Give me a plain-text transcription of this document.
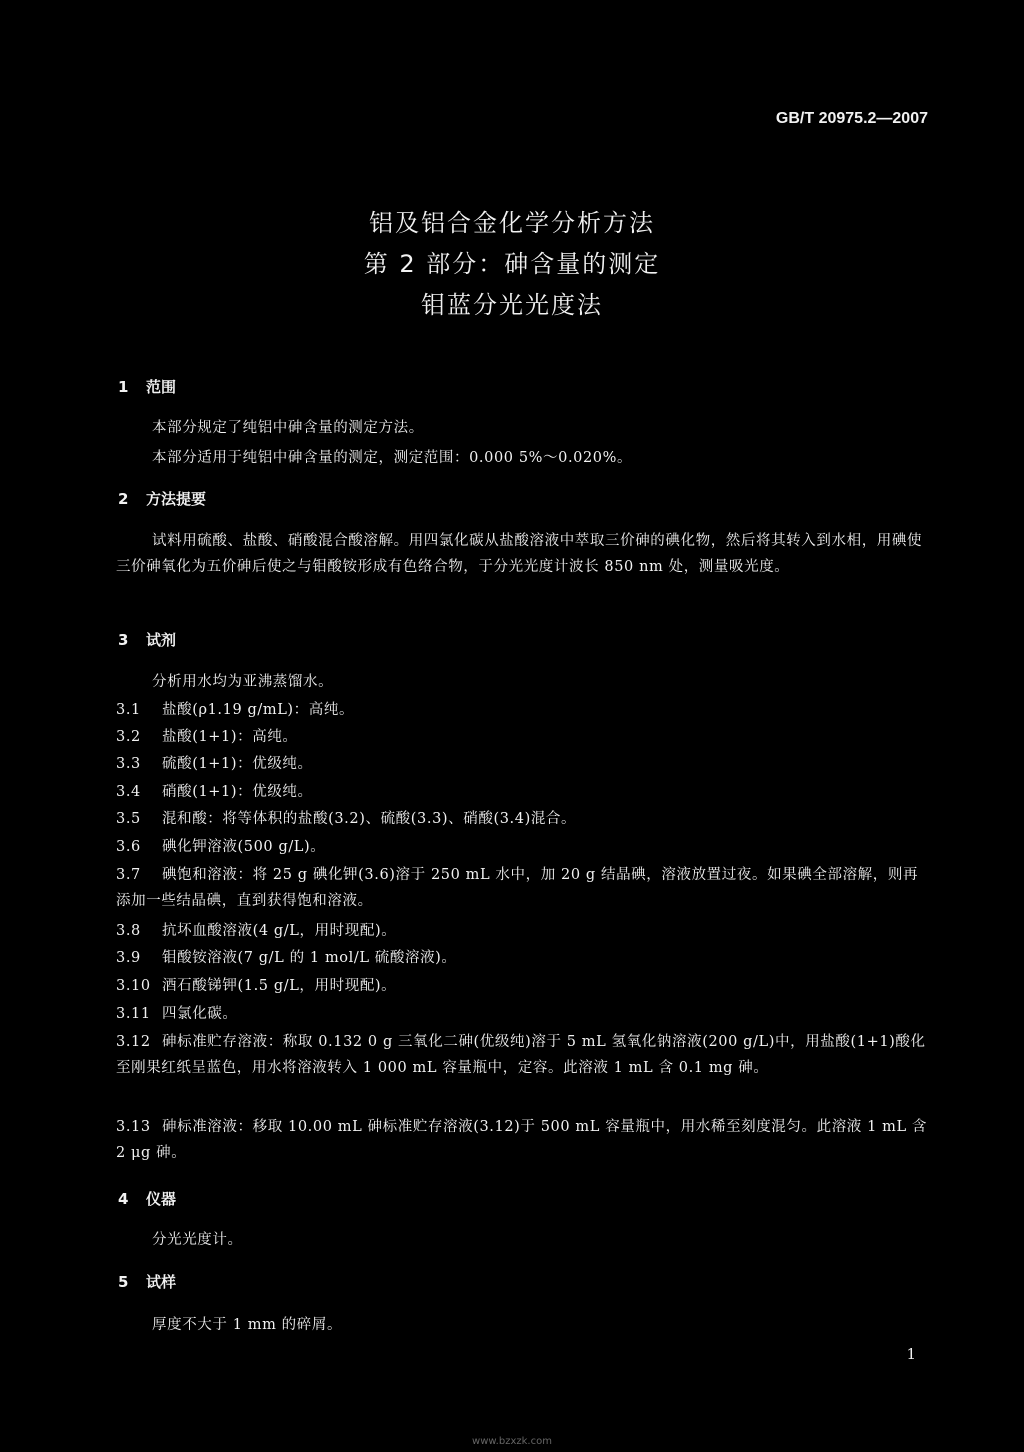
GB/T 20975.2—2007
铝及铝合金化学分析方法
第 2 部分：砷含量的测定
钼蓝分光光度法
1 范围

本部分规定了纯铝中砷含量的测定方法。

本部分适用于纯铝中砷含量的测定，测定范围：0.000 5%～0.020%。

2 方法提要

试料用硫酸、盐酸、硝酸混合酸溶解。用四氯化碳从盐酸溶液中萃取三价砷的碘化物，然后将其转入到水相，用碘使三价砷氧化为五价砷后使之与钼酸铵形成有色络合物，于分光光度计波长 850 nm 处，测量吸光度。

3 试剂

分析用水均为亚沸蒸馏水。

3.1 盐酸(ρ1.19 g/mL)：高纯。

3.2 盐酸(1+1)：高纯。

3.3 硫酸(1+1)：优级纯。

3.4 硝酸(1+1)：优级纯。

3.5 混和酸：将等体积的盐酸(3.2)、硫酸(3.3)、硝酸(3.4)混合。

3.6 碘化钾溶液(500 g/L)。

3.7 碘饱和溶液：将 25 g 碘化钾(3.6)溶于 250 mL 水中，加 20 g 结晶碘，溶液放置过夜。如果碘全部溶解，则再添加一些结晶碘，直到获得饱和溶液。

3.8 抗坏血酸溶液(4 g/L，用时现配)。

3.9 钼酸铵溶液(7 g/L 的 1 mol/L 硫酸溶液)。

3.10 酒石酸锑钾(1.5 g/L，用时现配)。

3.11 四氯化碳。

3.12 砷标准贮存溶液：称取 0.132 0 g 三氧化二砷(优级纯)溶于 5 mL 氢氧化钠溶液(200 g/L)中，用盐酸(1+1)酸化至刚果红纸呈蓝色，用水将溶液转入 1 000 mL 容量瓶中，定容。此溶液 1 mL 含 0.1 mg 砷。

3.13 砷标准溶液：移取 10.00 mL 砷标准贮存溶液(3.12)于 500 mL 容量瓶中，用水稀至刻度混匀。此溶液 1 mL 含 2 μg 砷。

4 仪器

分光光度计。

5 试样

厚度不大于 1 mm 的碎屑。

1
www.bzxzk.com
